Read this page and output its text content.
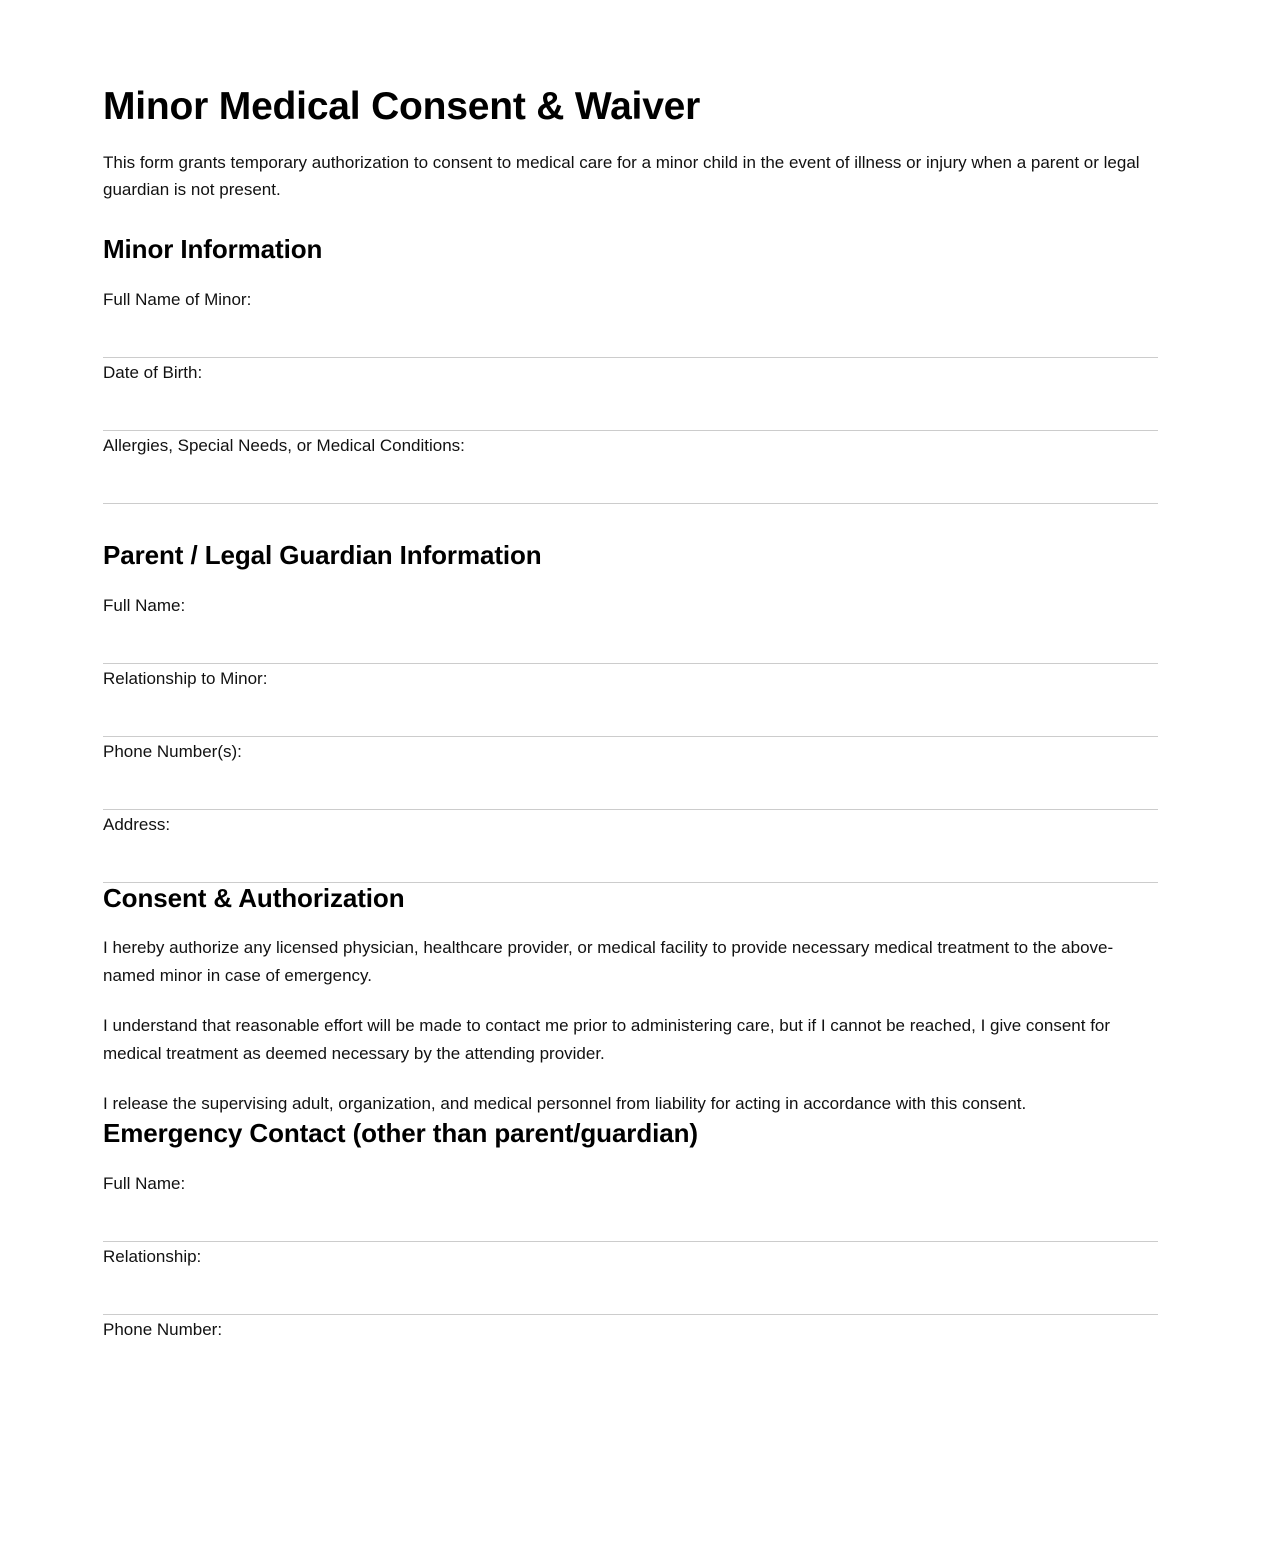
Minor Medical Consent & Waiver

This form grants temporary authorization to consent to medical care for a minor child in the event of illness or injury when a parent or legal guardian is not present.

Minor Information
Full Name of Minor:
Date of Birth:
Allergies, Special Needs, or Medical Conditions:
Parent / Legal Guardian Information
Full Name:
Relationship to Minor:
Phone Number(s):
Address:
Consent & Authorization

I hereby authorize any licensed physician, healthcare provider, or medical facility to provide necessary medical treatment to the above-named minor in case of emergency.

I understand that reasonable effort will be made to contact me prior to administering care, but if I cannot be reached, I give consent for medical treatment as deemed necessary by the attending provider.

I release the supervising adult, organization, and medical personnel from liability for acting in accordance with this consent.

Emergency Contact (other than parent/guardian)
Full Name:
Relationship:
Phone Number:
